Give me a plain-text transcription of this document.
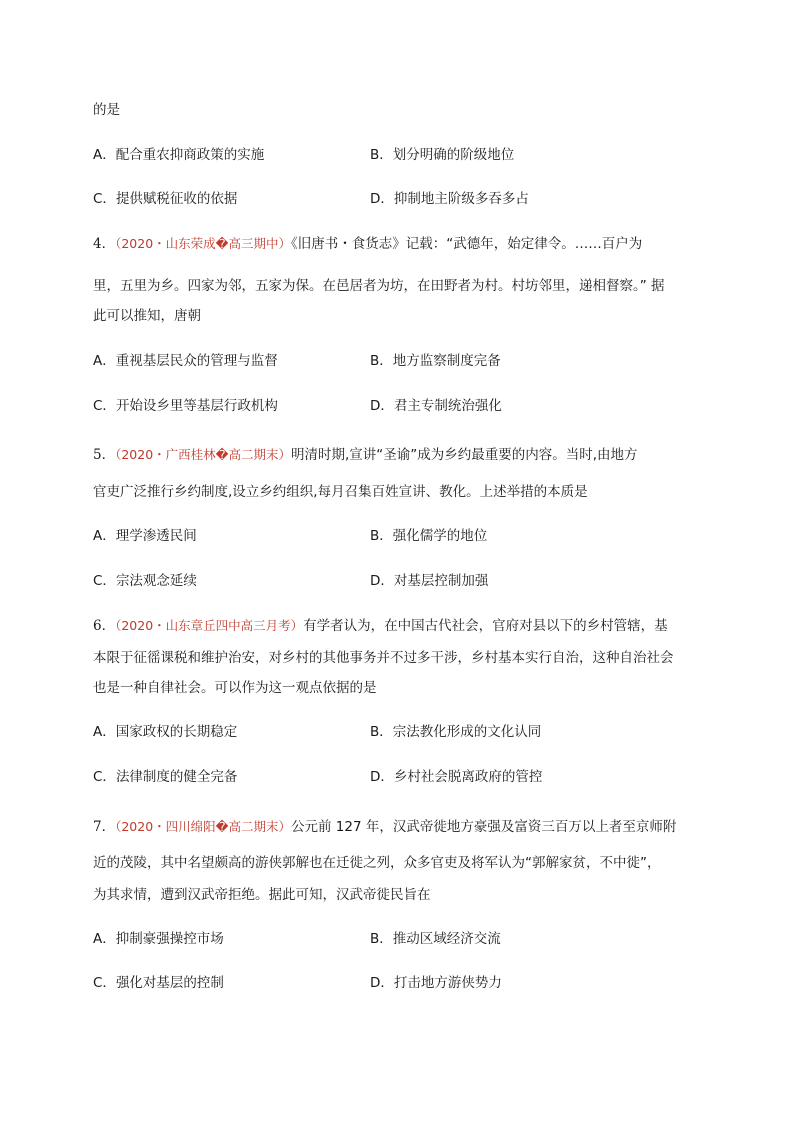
的是
A．配合重农抑商政策的实施	B．划分明确的阶级地位
C．提供赋税征收的依据	D．抑制地主阶级多吞多占
4．（2020・山东荣成�高三期中）《旧唐书・食货志》记载：“武德年，始定律令。……百户为
里，五里为乡。四家为邻，五家为保。在邑居者为坊，在田野者为村。村坊邻里，递相督察。” 据
此可以推知，唐朝
A．重视基层民众的管理与监督	B．地方监察制度完备
C．开始设乡里等基层行政机构	D．君主专制统治强化
5．（2020・广西桂林�高二期末）明清时期,宣讲“圣谕”成为乡约最重要的内容。当时,由地方
官吏广泛推行乡约制度,设立乡约组织,每月召集百姓宣讲、教化。上述举措的本质是
A．理学渗透民间	B．强化儒学的地位
C．宗法观念延续	D．对基层控制加强
6．（2020・山东章丘四中高三月考）有学者认为，在中国古代社会，官府对县以下的乡村管辖，基
本限于征徭课税和维护治安，对乡村的其他事务并不过多干涉，乡村基本实行自治，这种自治社会
也是一种自律社会。可以作为这一观点依据的是
A．国家政权的长期稳定	B．宗法教化形成的文化认同
C．法律制度的健全完备	D．乡村社会脱离政府的管控
7．（2020・四川绵阳�高二期末）公元前 127 年，汉武帝徙地方豪强及富资三百万以上者至京师附
近的茂陵，其中名望颇高的游侠郭解也在迁徙之列，众多官吏及将军认为“郭解家贫，不中徙”，
为其求情，遭到汉武帝拒绝。据此可知，汉武帝徙民旨在
A．抑制豪强操控市场	B．推动区域经济交流
C．强化对基层的控制	D．打击地方游侠势力
